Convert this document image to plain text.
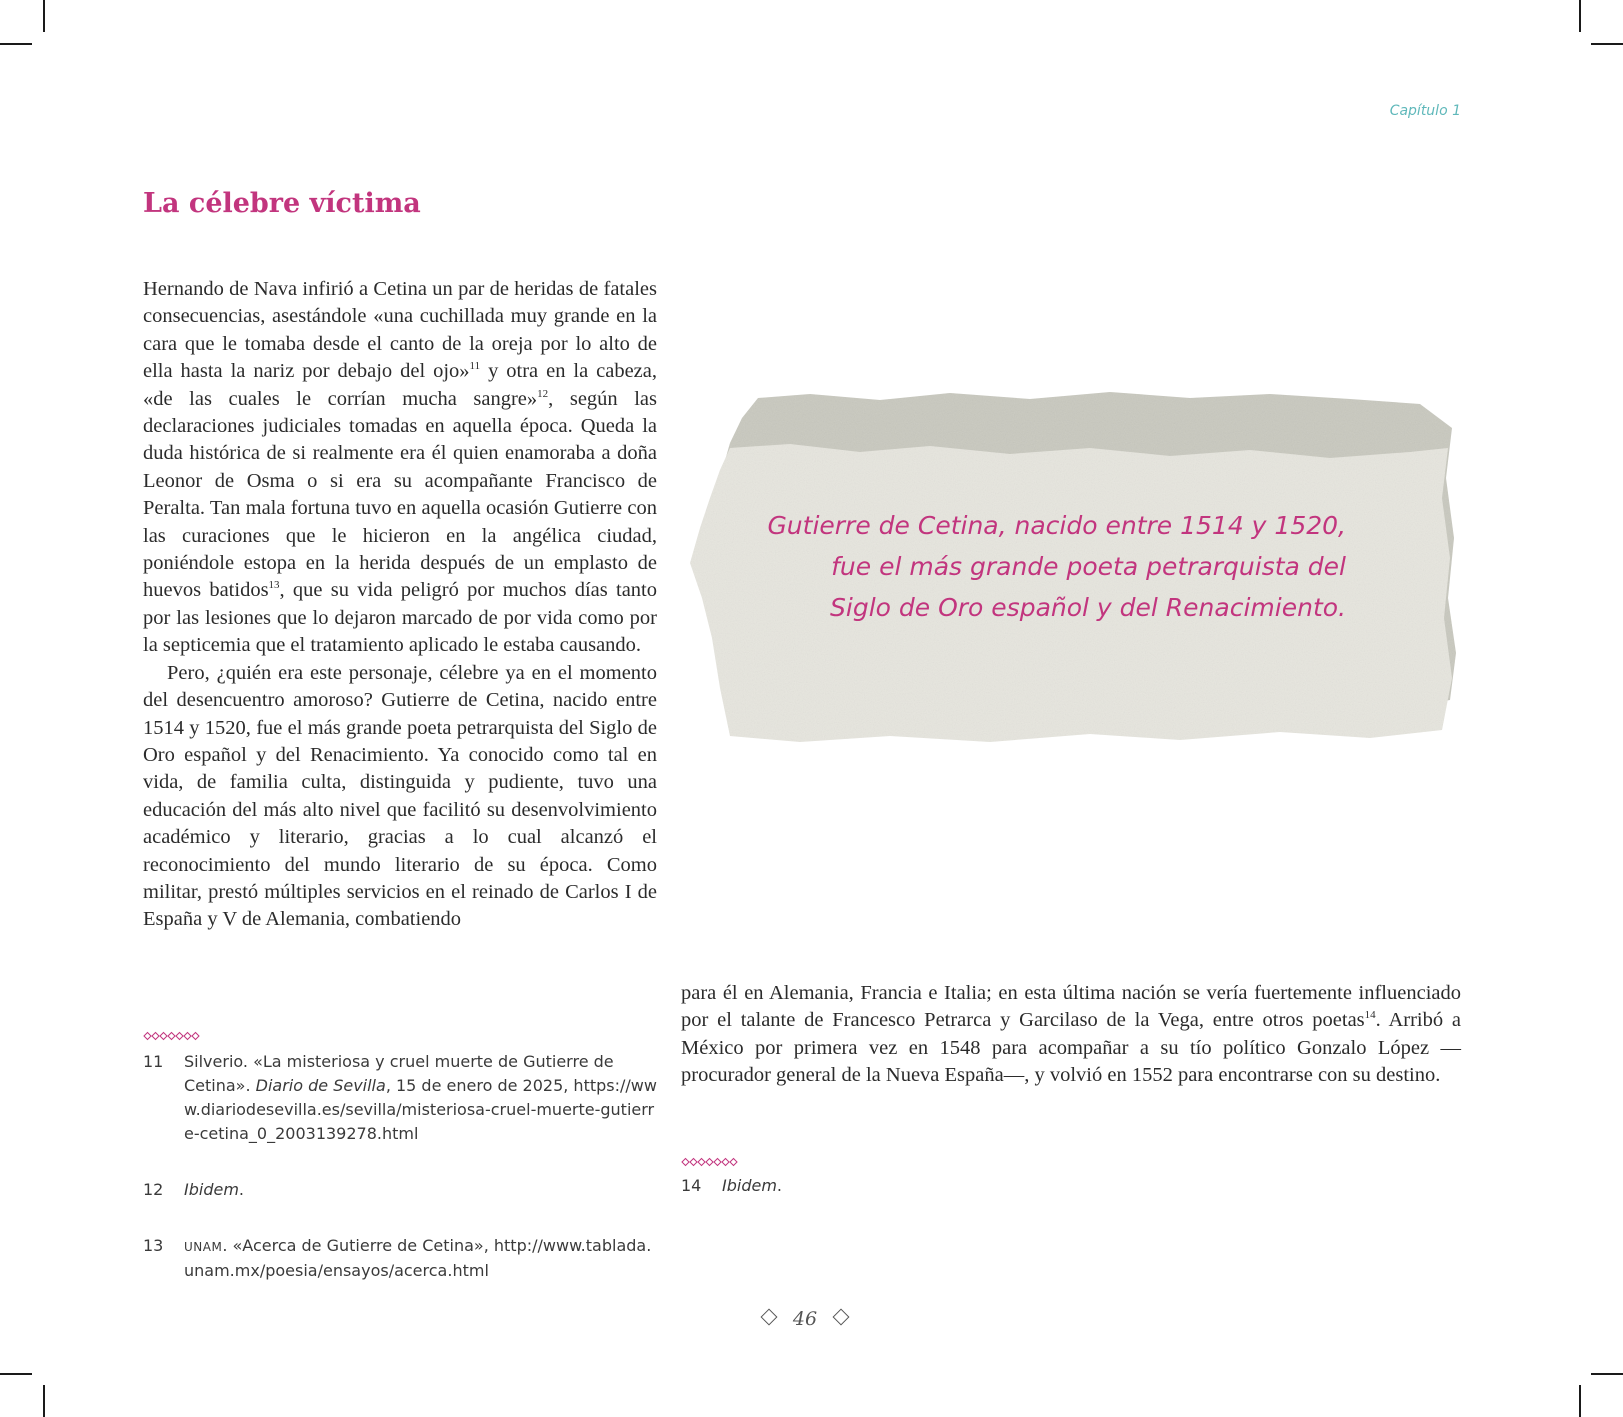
Capítulo 1
La célebre víctima

Hernando de Nava infirió a Cetina un par de heridas de fatales consecuencias, asestándole «una cuchillada muy grande en la cara que le tomaba desde el canto de la oreja por lo alto de ella hasta la nariz por debajo del ojo»$^{11}$ y otra en la cabeza, «de las cuales le corrían mucha sangre»$^{12}$, según las declaraciones judiciales tomadas en aquella época. Queda la duda histórica de si realmente era él quien enamoraba a doña Leonor de Osma o si era su acompañante Francisco de Peralta. Tan mala fortuna tuvo en aquella ocasión Gutierre con las curaciones que le hicieron en la angélica ciudad, poniéndole estopa en la herida después de un emplasto de huevos batidos$^{13}$, que su vida peligró por muchos días tanto por las lesiones que lo dejaron marcado de por vida como por la septicemia que el tratamiento aplicado le estaba causando.

Pero, ¿quién era este personaje, célebre ya en el momento del desencuentro amoroso? Gutierre de Cetina, nacido entre 1514 y 1520, fue el más grande poeta petrarquista del Siglo de Oro español y del Renacimiento. Ya conocido como tal en vida, de familia culta, distinguida y pudiente, tuvo una educación del más alto nivel que facilitó su desenvolvimiento académico y literario, gracias a lo cual alcanzó el reconocimiento del mundo literario de su época. Como militar, prestó múltiples servicios en el reinado de Carlos I de España y V de Alemania, combatiendo

Gutierre de Cetina, nacido entre 1514 y 1520,
fue el más grande poeta petrarquista del
Siglo de Oro español y del Renacimiento.

para él en Alemania, Francia e Italia; en esta última nación se vería fuertemente influenciado por el talante de Francesco Petrarca y Garcilaso de la Vega, entre otros poetas$^{14}$. Arribó a México por primera vez en 1548 para acompañar a su tío político Gonzalo López —procurador general de la Nueva España—, y volvió en 1552 para encontrarse con su destino.

11 Silverio. «La misteriosa y cruel muerte de Gutierre de Cetina». Diario de Sevilla, 15 de enero de 2025, https://www.diariodesevilla.es/sevilla/misteriosa-cruel-muerte-gutierre-cetina_0_2003139278.html
12 Ibidem.
13 UNAM. «Acerca de Gutierre de Cetina», http://www.tablada.unam.mx/poesia/ensayos/acerca.html
14 Ibidem.
46
